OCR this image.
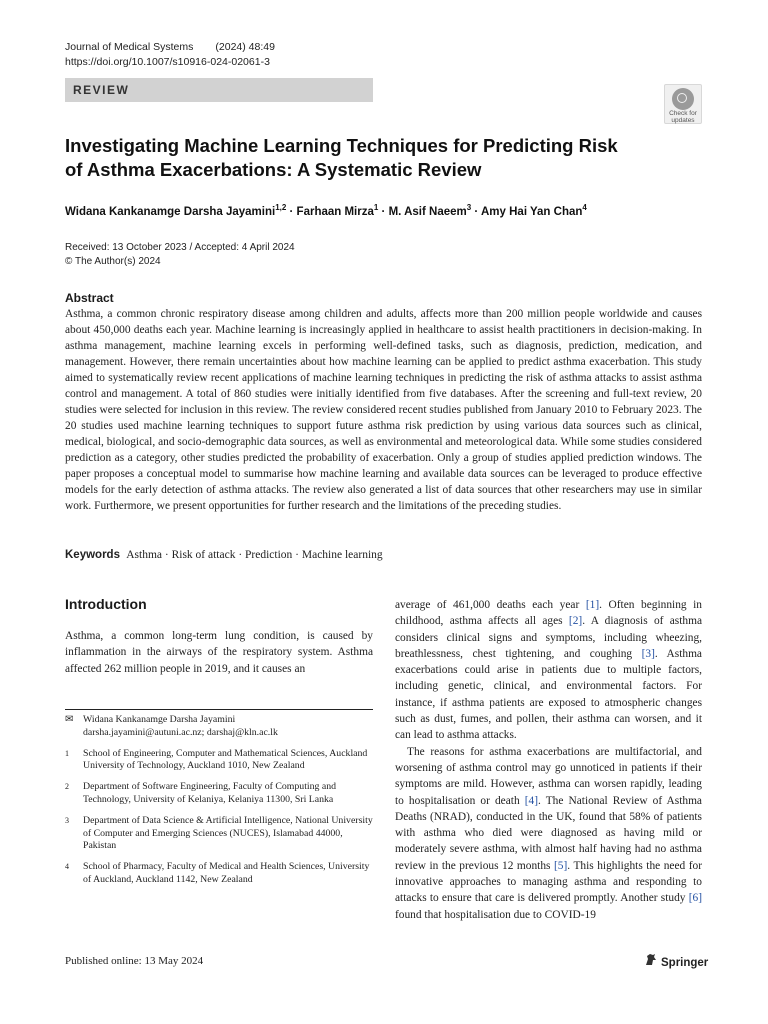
Journal of Medical Systems (2024) 48:49
https://doi.org/10.1007/s10916-024-02061-3
REVIEW
Check for
updates
Investigating Machine Learning Techniques for Predicting Risk
of Asthma Exacerbations: A Systematic Review
Widana Kankanamge Darsha Jayamini$^{1,2}$ · Farhaan Mirza$^1$ · M. Asif Naeem$^3$ · Amy Hai Yan Chan$^4$
Received: 13 October 2023 / Accepted: 4 April 2024
© The Author(s) 2024
Abstract
Asthma, a common chronic respiratory disease among children and adults, affects more than 200 million people worldwide and causes about 450,000 deaths each year. Machine learning is increasingly applied in healthcare to assist health practitioners in decision-making. In asthma management, machine learning excels in performing well-defined tasks, such as diagnosis, prediction, medication, and management. However, there remain uncertainties about how machine learning can be applied to predict asthma exacerbation. This study aimed to systematically review recent applications of machine learning techniques in predicting the risk of asthma attacks to assist asthma control and management. A total of 860 studies were initially identified from five databases. After the screening and full-text review, 20 studies were selected for inclusion in this review. The review considered recent studies published from January 2010 to February 2023. The 20 studies used machine learning techniques to support future asthma risk prediction by using various data sources such as clinical, medical, biological, and socio-demographic data sources, as well as environmental and meteorological data. While some studies considered prediction as a category, other studies predicted the probability of exacerbation. Only a group of studies applied prediction windows. The paper proposes a conceptual model to summarise how machine learning and available data sources can be leveraged to produce effective models for the early detection of asthma attacks. The review also generated a list of data sources that other researchers may use in similar work. Furthermore, we present opportunities for further research and the limitations of the preceding studies.
Keywords Asthma · Risk of attack · Prediction · Machine learning
Introduction

Asthma, a common long-term lung condition, is caused by inflammation in the airways of the respiratory system. Asthma affected 262 million people in 2019, and it causes an

✉ Widana Kankanamge Darsha Jayamini
darsha.jayamini@autuni.ac.nz; darshaj@kln.ac.lk
1	School of Engineering, Computer and Mathematical Sciences, Auckland University of Technology, Auckland 1010, New Zealand
2	Department of Software Engineering, Faculty of Computing and Technology, University of Kelaniya, Kelaniya 11300, Sri Lanka
3	Department of Data Science & Artificial Intelligence, National University of Computer and Emerging Sciences (NUCES), Islamabad 44000, Pakistan
4	School of Pharmacy, Faculty of Medical and Health Sciences, University of Auckland, Auckland 1142, New Zealand

average of 461,000 deaths each year [1]. Often beginning in childhood, asthma affects all ages [2]. A diagnosis of asthma considers clinical signs and symptoms, including wheezing, breathlessness, chest tightening, and coughing [3]. Asthma exacerbations could arise in patients due to multiple factors, including genetic, clinical, and environmental factors. For instance, if asthma patients are exposed to atmospheric changes such as dust, fumes, and pollen, their asthma can worsen, and it can lead to asthma attacks.

The reasons for asthma exacerbations are multifactorial, and worsening of asthma control may go unnoticed in patients if their symptoms are mild. However, asthma can worsen rapidly, leading to hospitalisation or death [4]. The National Review of Asthma Deaths (NRAD), conducted in the UK, found that 58% of patients with asthma who died were diagnosed as having mild or moderately severe asthma, with almost half having had no asthma review in the previous 12 months [5]. This highlights the need for innovative approaches to managing asthma and responding to attacks to ensure that care is delivered promptly. Another study [6] found that hospitalisation due to COVID-19

Published online: 13 May 2024	Springer
